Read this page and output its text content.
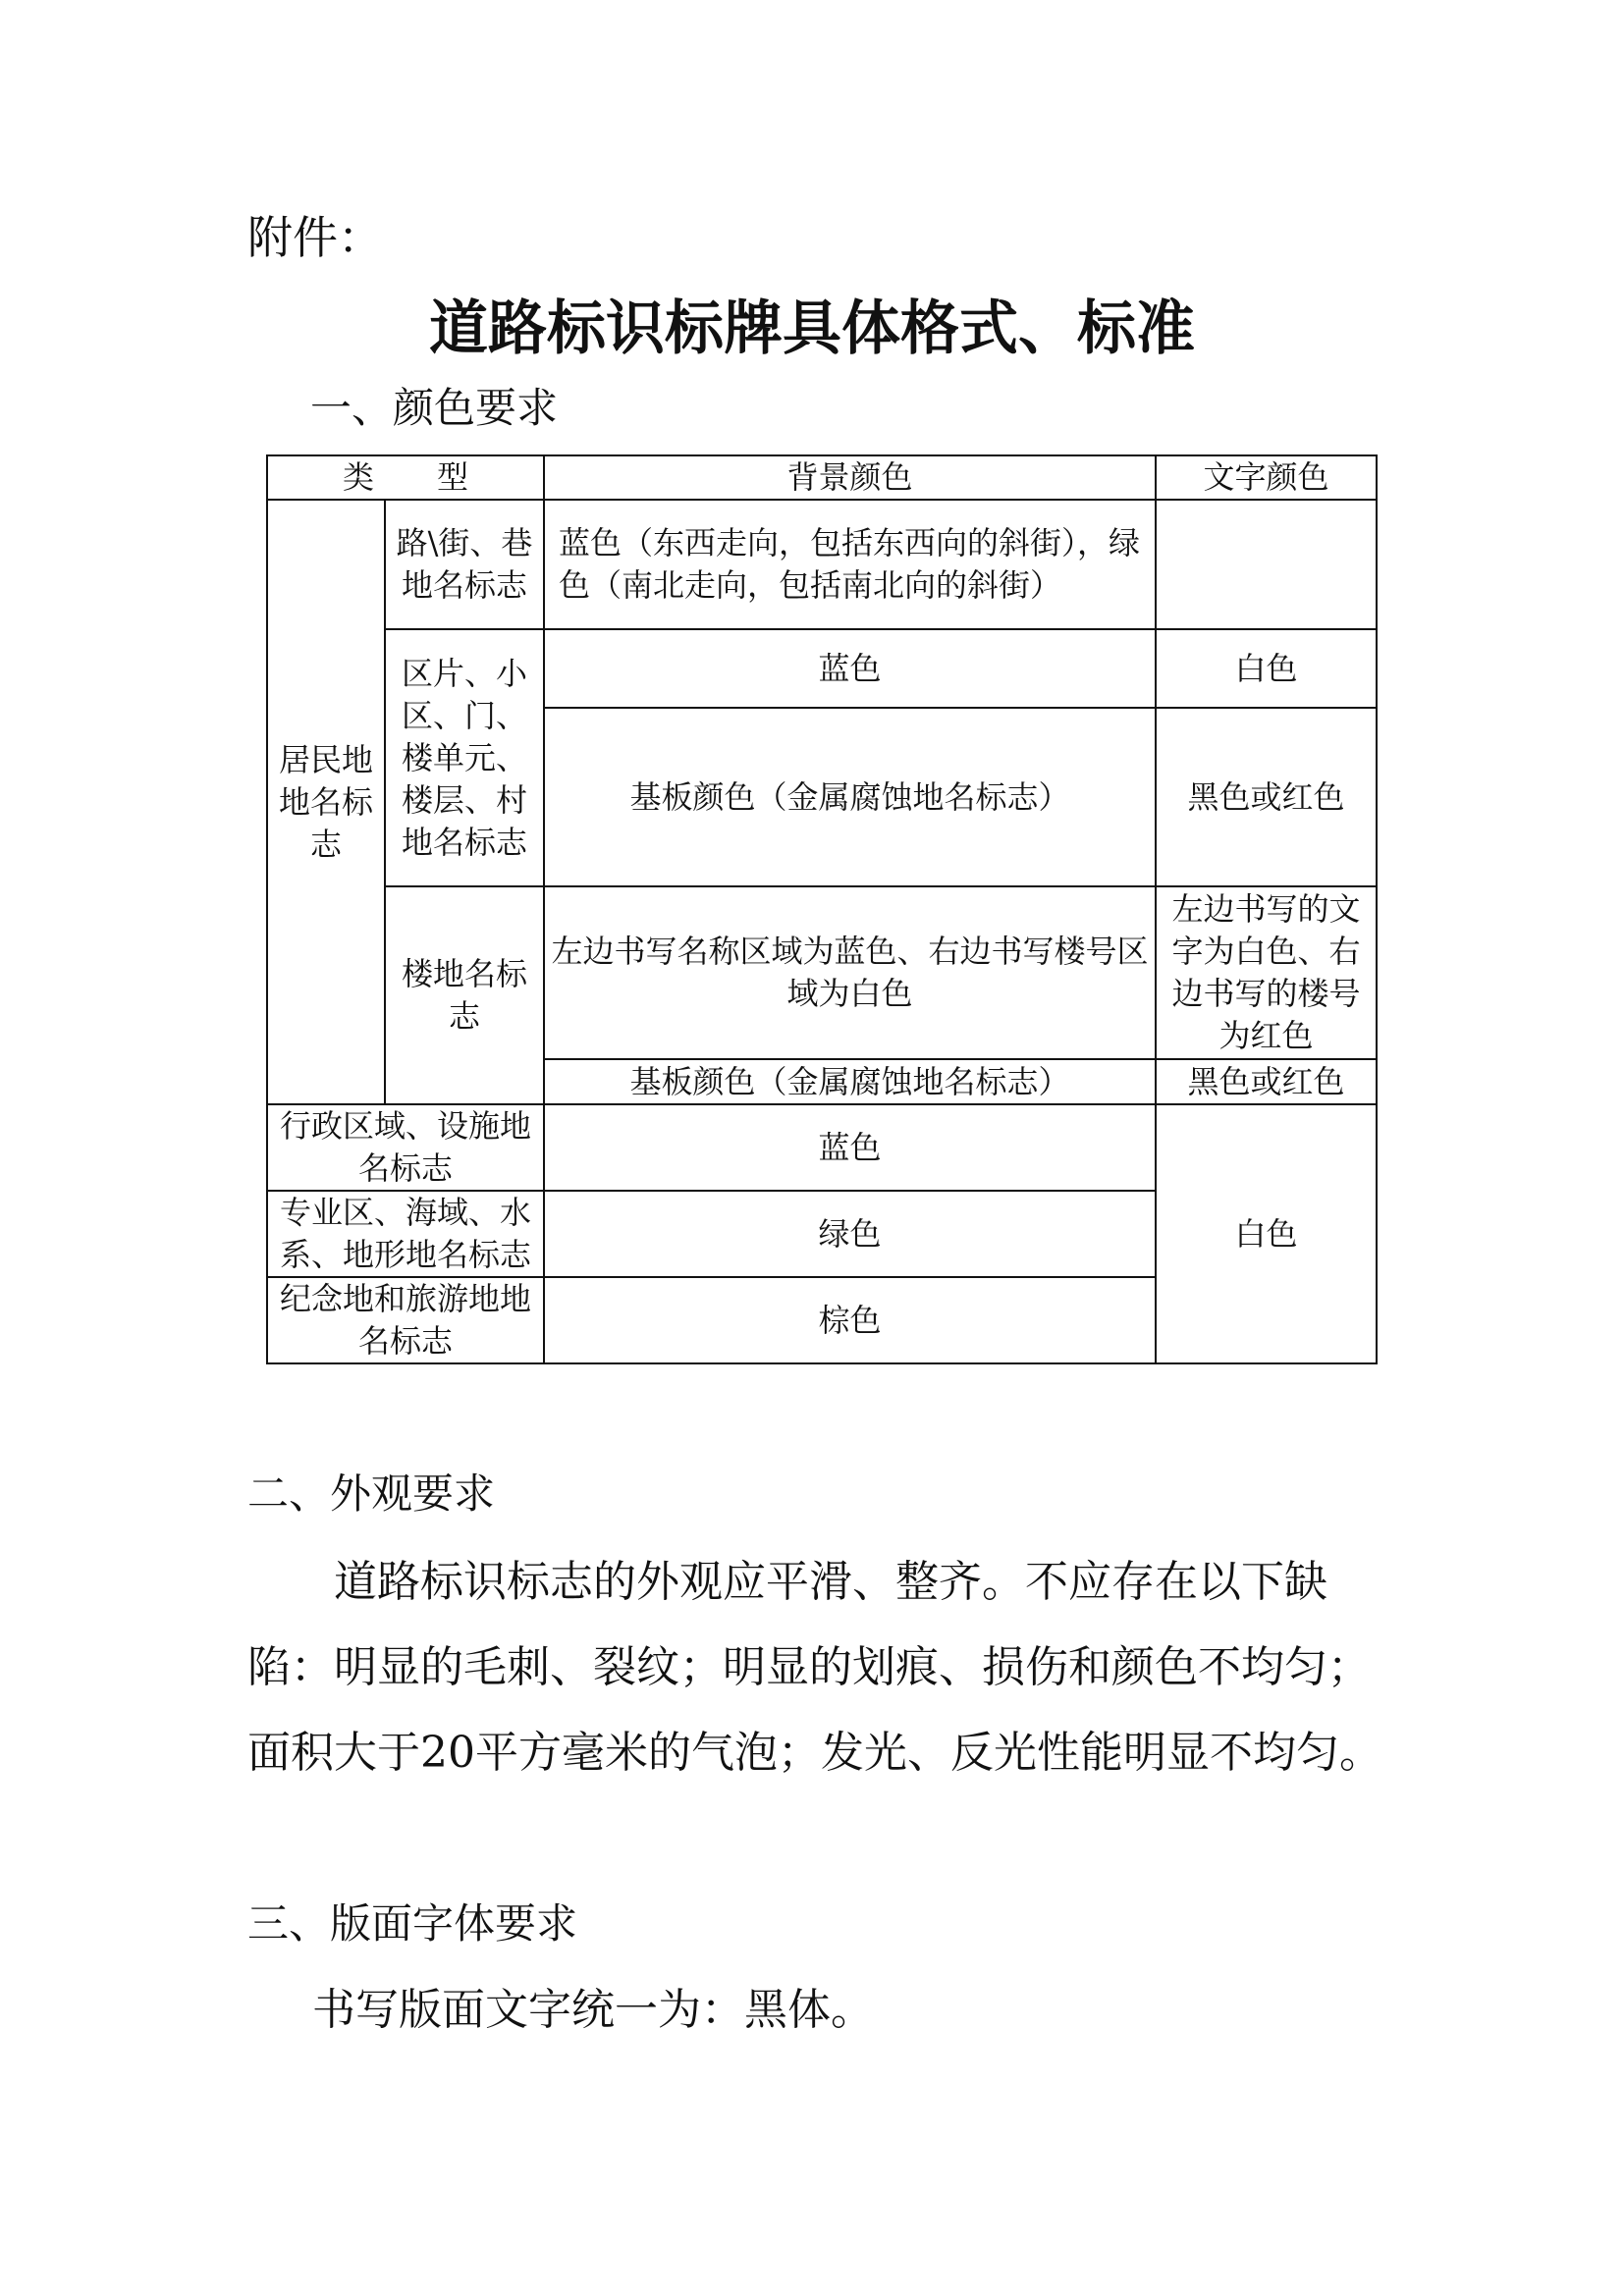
附件：
道路标识标牌具体格式、标准
一、颜色要求
类　　型		背景颜色	文字颜色
居民地地名标志	路\街、巷地名标志	蓝色（东西走向，包括东西向的斜街），绿色（南北走向，包括南北向的斜街）	
	区片、小区、门、楼单元、楼层、村地名标志	蓝色	白色
		基板颜色（金属腐蚀地名标志）	黑色或红色
	楼地名标志	左边书写名称区域为蓝色、右边书写楼号区域为白色	左边书写的文字为白色、右边书写的楼号为红色
		基板颜色（金属腐蚀地名标志）	黑色或红色
行政区域、设施地名标志		蓝色	白色
专业区、海域、水系、地形地名标志		绿色	
纪念地和旅游地地名标志		棕色	
二、外观要求
道路标识标志的外观应平滑、整齐。不应存在以下缺陷：明显的毛刺、裂纹；明显的划痕、损伤和颜色不均匀；面积大于20平方毫米的气泡；发光、反光性能明显不均匀。
三、版面字体要求
书写版面文字统一为：黑体。
